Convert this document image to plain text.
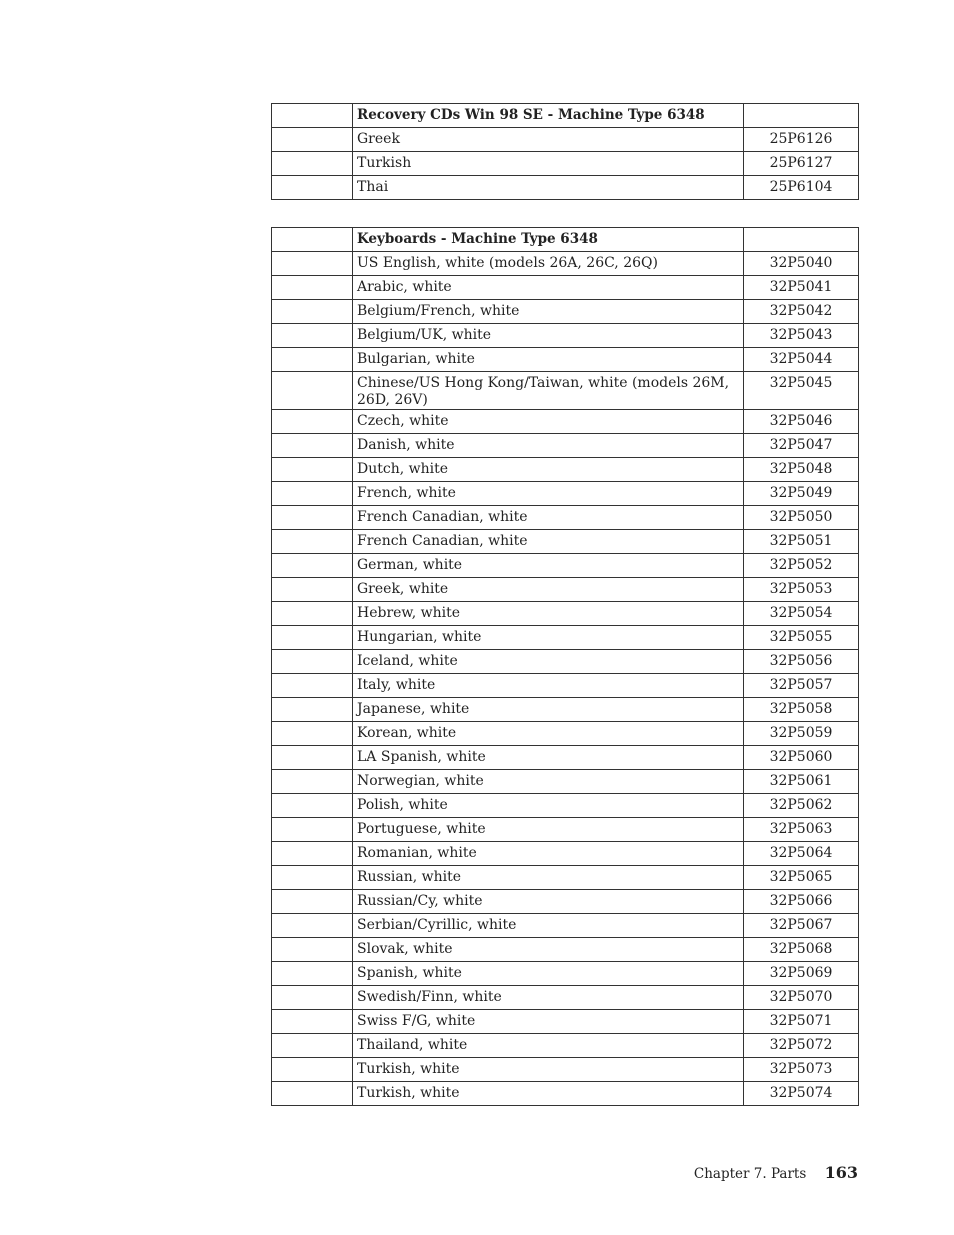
	Recovery CDs Win 98 SE - Machine Type 6348	
	Greek	25P6126
	Turkish	25P6127
	Thai	25P6104
	Keyboards - Machine Type 6348	
	US English, white (models 26A, 26C, 26Q)	32P5040
	Arabic, white	32P5041
	Belgium/French, white	32P5042
	Belgium/UK, white	32P5043
	Bulgarian, white	32P5044
	Chinese/US Hong Kong/Taiwan, white (models 26M, 26D, 26V)	32P5045
	Czech, white	32P5046
	Danish, white	32P5047
	Dutch, white	32P5048
	French, white	32P5049
	French Canadian, white	32P5050
	French Canadian, white	32P5051
	German, white	32P5052
	Greek, white	32P5053
	Hebrew, white	32P5054
	Hungarian, white	32P5055
	Iceland, white	32P5056
	Italy, white	32P5057
	Japanese, white	32P5058
	Korean, white	32P5059
	LA Spanish, white	32P5060
	Norwegian, white	32P5061
	Polish, white	32P5062
	Portuguese, white	32P5063
	Romanian, white	32P5064
	Russian, white	32P5065
	Russian/Cy, white	32P5066
	Serbian/Cyrillic, white	32P5067
	Slovak, white	32P5068
	Spanish, white	32P5069
	Swedish/Finn, white	32P5070
	Swiss F/G, white	32P5071
	Thailand, white	32P5072
	Turkish, white	32P5073
	Turkish, white	32P5074
Chapter 7. Parts 163
